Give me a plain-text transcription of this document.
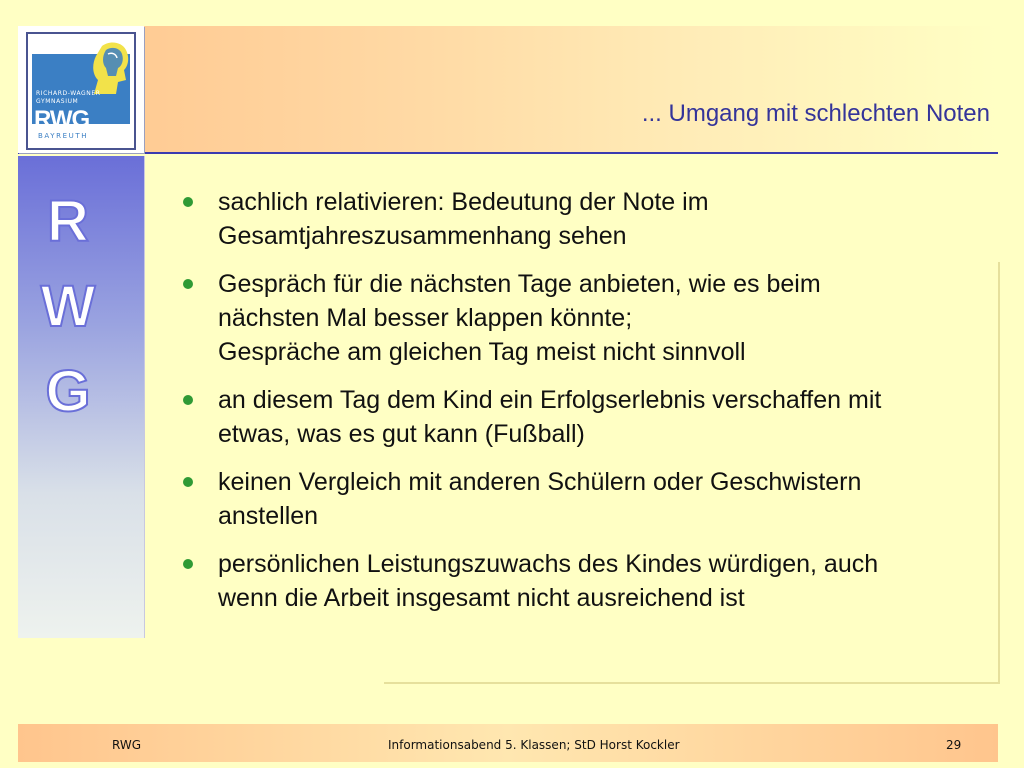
RICHARD-WAGNER
GYMNASIUM
RWG
BAYREUTH
R
W
G
... Umgang mit schlechten Noten
sachlich relativieren: Bedeutung der Note im
Gesamtjahreszusammenhang sehen
Gespräch für die nächsten Tage anbieten, wie es beim
nächsten Mal besser klappen könnte;
Gespräche am gleichen Tag meist nicht sinnvoll
an diesem Tag dem Kind ein Erfolgserlebnis verschaffen mit
etwas, was es gut kann (Fußball)
keinen Vergleich mit anderen Schülern oder Geschwistern
anstellen
persönlichen Leistungszuwachs des Kindes würdigen, auch
wenn die Arbeit insgesamt nicht ausreichend ist
RWG	Informationsabend 5. Klassen; StD Horst Kockler	29
